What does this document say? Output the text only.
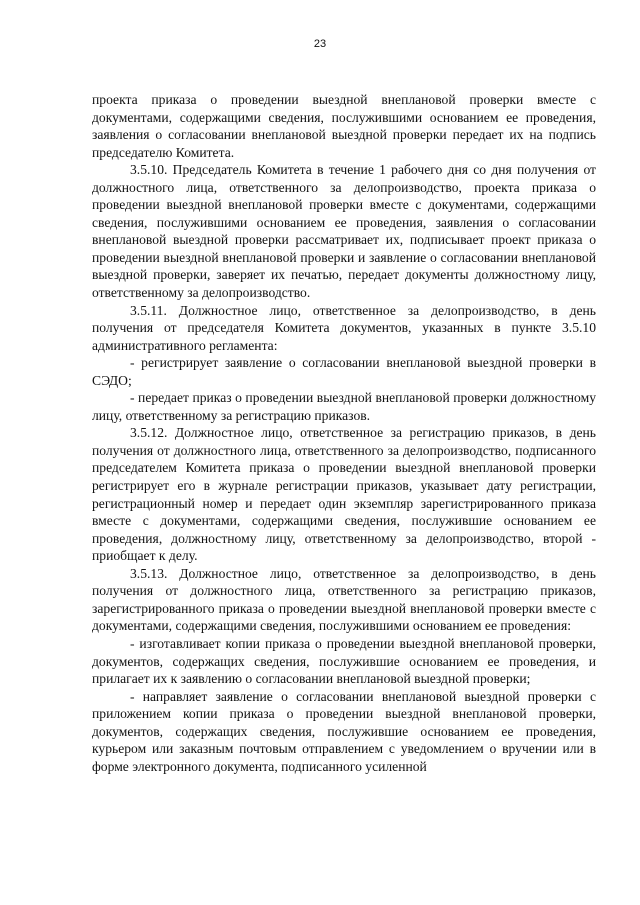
23

проекта приказа о проведении выездной внеплановой проверки вместе с документами, содержащими сведения, послужившими основанием ее проведения, заявления о согласовании внеплановой выездной проверки передает их на подпись председателю Комитета.

3.5.10. Председатель Комитета в течение 1 рабочего дня со дня получения от должностного лица, ответственного за делопроизводство, проекта приказа о проведении выездной внеплановой проверки вместе с документами, содержащими сведения, послужившими основанием ее проведения, заявления о согласовании внеплановой выездной проверки рассматривает их, подписывает проект приказа о проведении выездной внеплановой проверки и заявление о согласовании внеплановой выездной проверки, заверяет их печатью, передает документы должностному лицу, ответственному за делопроизводство.

3.5.11. Должностное лицо, ответственное за делопроизводство, в день получения от председателя Комитета документов, указанных в пункте 3.5.10 административного регламента:

- регистрирует заявление о согласовании внеплановой выездной проверки в СЭДО;

- передает приказ о проведении выездной внеплановой проверки должностному лицу, ответственному за регистрацию приказов.

3.5.12. Должностное лицо, ответственное за регистрацию приказов, в день получения от должностного лица, ответственного за делопроизводство, подписанного председателем Комитета приказа о проведении выездной внеплановой проверки регистрирует его в журнале регистрации приказов, указывает дату регистрации, регистрационный номер и передает один экземпляр зарегистрированного приказа вместе с документами, содержащими сведения, послужившие основанием ее проведения, должностному лицу, ответственному за делопроизводство, второй - приобщает к делу.

3.5.13. Должностное лицо, ответственное за делопроизводство, в день получения от должностного лица, ответственного за регистрацию приказов, зарегистрированного приказа о проведении выездной внеплановой проверки вместе с документами, содержащими сведения, послужившими основанием ее проведения:

- изготавливает копии приказа о проведении выездной внеплановой проверки, документов, содержащих сведения, послужившие основанием ее проведения, и прилагает их к заявлению о согласовании внеплановой выездной проверки;

- направляет заявление о согласовании внеплановой выездной проверки с приложением копии приказа о проведении выездной внеплановой проверки, документов, содержащих сведения, послужившие основанием ее проведения, курьером или заказным почтовым отправлением с уведомлением о вручении или в форме электронного документа, подписанного усиленной
